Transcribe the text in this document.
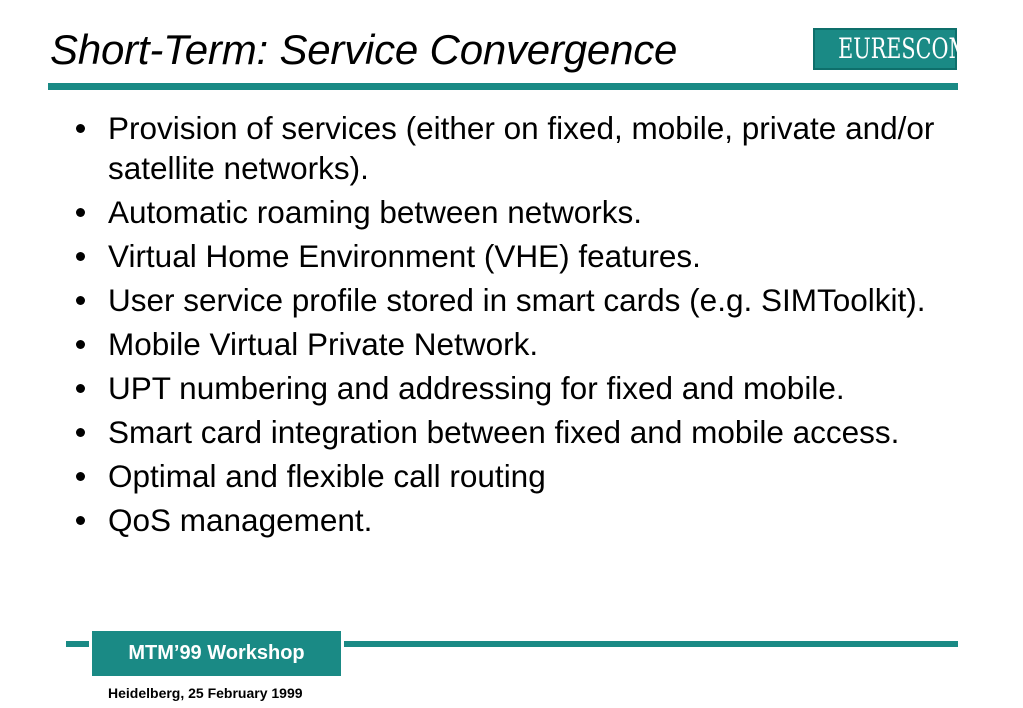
Short-Term: Service Convergence	EURESCOM
Provision of services (either on fixed, mobile, private and/or satellite networks).
Automatic roaming between networks.
Virtual Home Environment (VHE) features.
User service profile stored in smart cards (e.g. SIMToolkit).
Mobile Virtual Private Network.
UPT numbering and addressing for fixed and mobile.
Smart card integration between fixed and mobile access.
Optimal and flexible call routing
QoS management.
MTM’99 Workshop
Heidelberg, 25 February 1999
